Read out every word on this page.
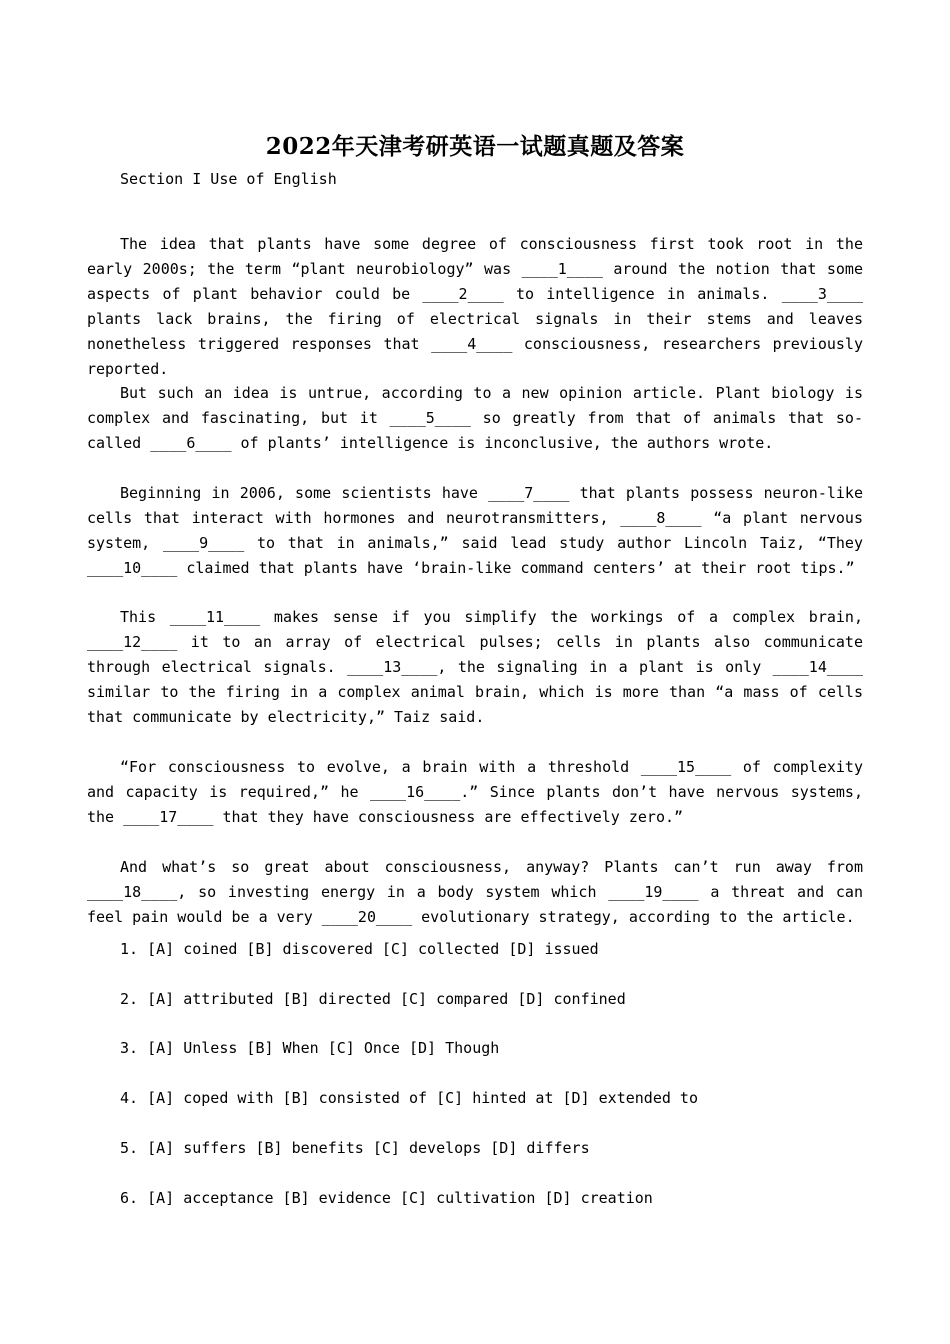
2022年天津考研英语一试题真题及答案
Section I Use of English

The idea that plants have some degree of consciousness first took root in the early 2000s; the term “plant neurobiology” was ____1____ around the notion that some aspects of plant behavior could be ____2____ to intelligence in animals. ____3____ plants lack brains, the firing of electrical signals in their stems and leaves nonetheless triggered responses that ____4____ consciousness, researchers previously reported.

But such an idea is untrue, according to a new opinion article. Plant biology is complex and fascinating, but it ____5____ so greatly from that of animals that so-called ____6____ of plants’ intelligence is inconclusive, the authors wrote.

Beginning in 2006, some scientists have ____7____ that plants possess neuron-like cells that interact with hormones and neurotransmitters, ____8____ “a plant nervous system, ____9____ to that in animals,” said lead study author Lincoln Taiz, “They ____10____ claimed that plants have ‘brain-like command centers’ at their root tips.”

This ____11____ makes sense if you simplify the workings of a complex brain, ____12____ it to an array of electrical pulses; cells in plants also communicate through electrical signals. ____13____, the signaling in a plant is only ____14____ similar to the firing in a complex animal brain, which is more than “a mass of cells that communicate by electricity,” Taiz said.

“For consciousness to evolve, a brain with a threshold ____15____ of complexity and capacity is required,” he ____16____.” Since plants don’t have nervous systems, the ____17____ that they have consciousness are effectively zero.”

And what’s so great about consciousness, anyway? Plants can’t run away from ____18____, so investing energy in a body system which ____19____ a threat and can feel pain would be a very ____20____ evolutionary strategy, according to the article.

1. [A] coined [B] discovered [C] collected [D] issued
2. [A] attributed [B] directed [C] compared [D] confined
3. [A] Unless [B] When [C] Once [D] Though
4. [A] coped with [B] consisted of [C] hinted at [D] extended to
5. [A] suffers [B] benefits [C] develops [D] differs
6. [A] acceptance [B] evidence [C] cultivation [D] creation
